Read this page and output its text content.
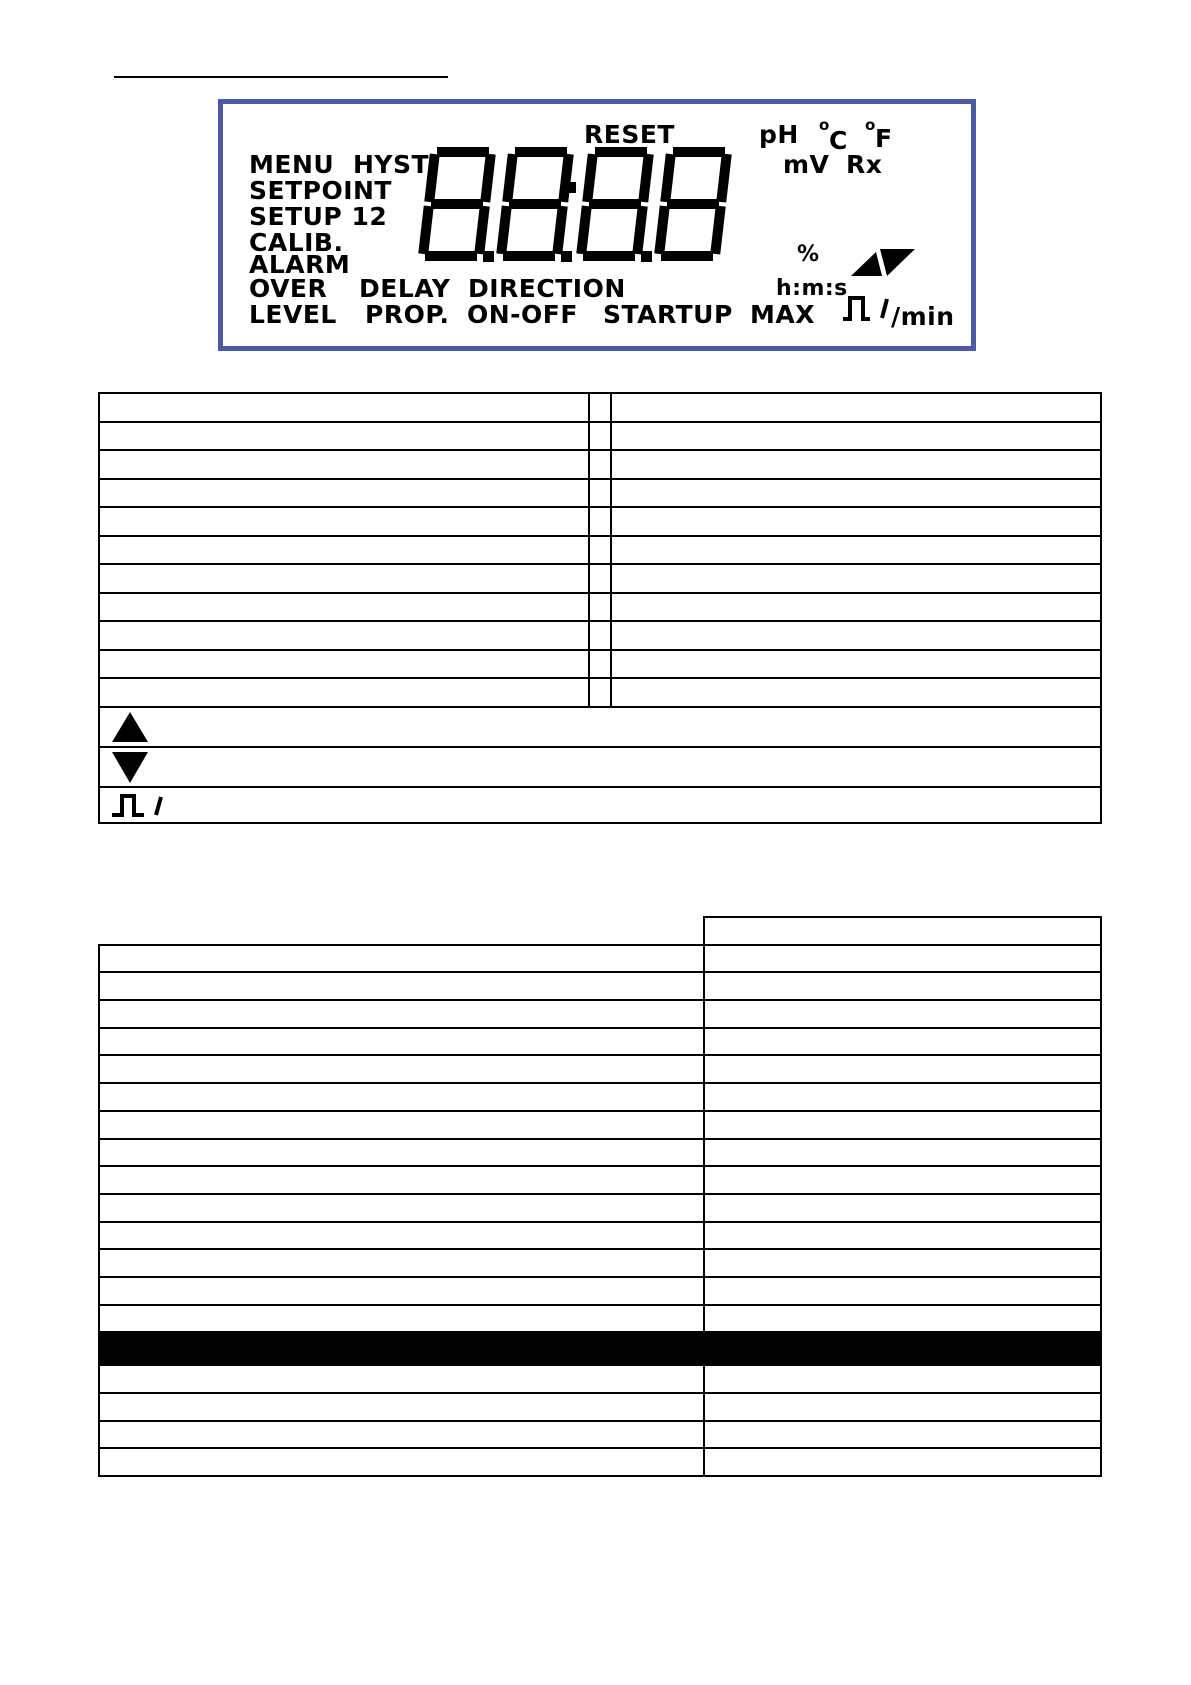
MENU HYST
SETPOINT
SETUP 12
CALIB.
ALARM
OVER
LEVEL
DELAY DIRECTION
PROP. ON-OFF STARTUP MAX
RESET	pH o
C
o F
mV Rx
%
h:m:s
/min
